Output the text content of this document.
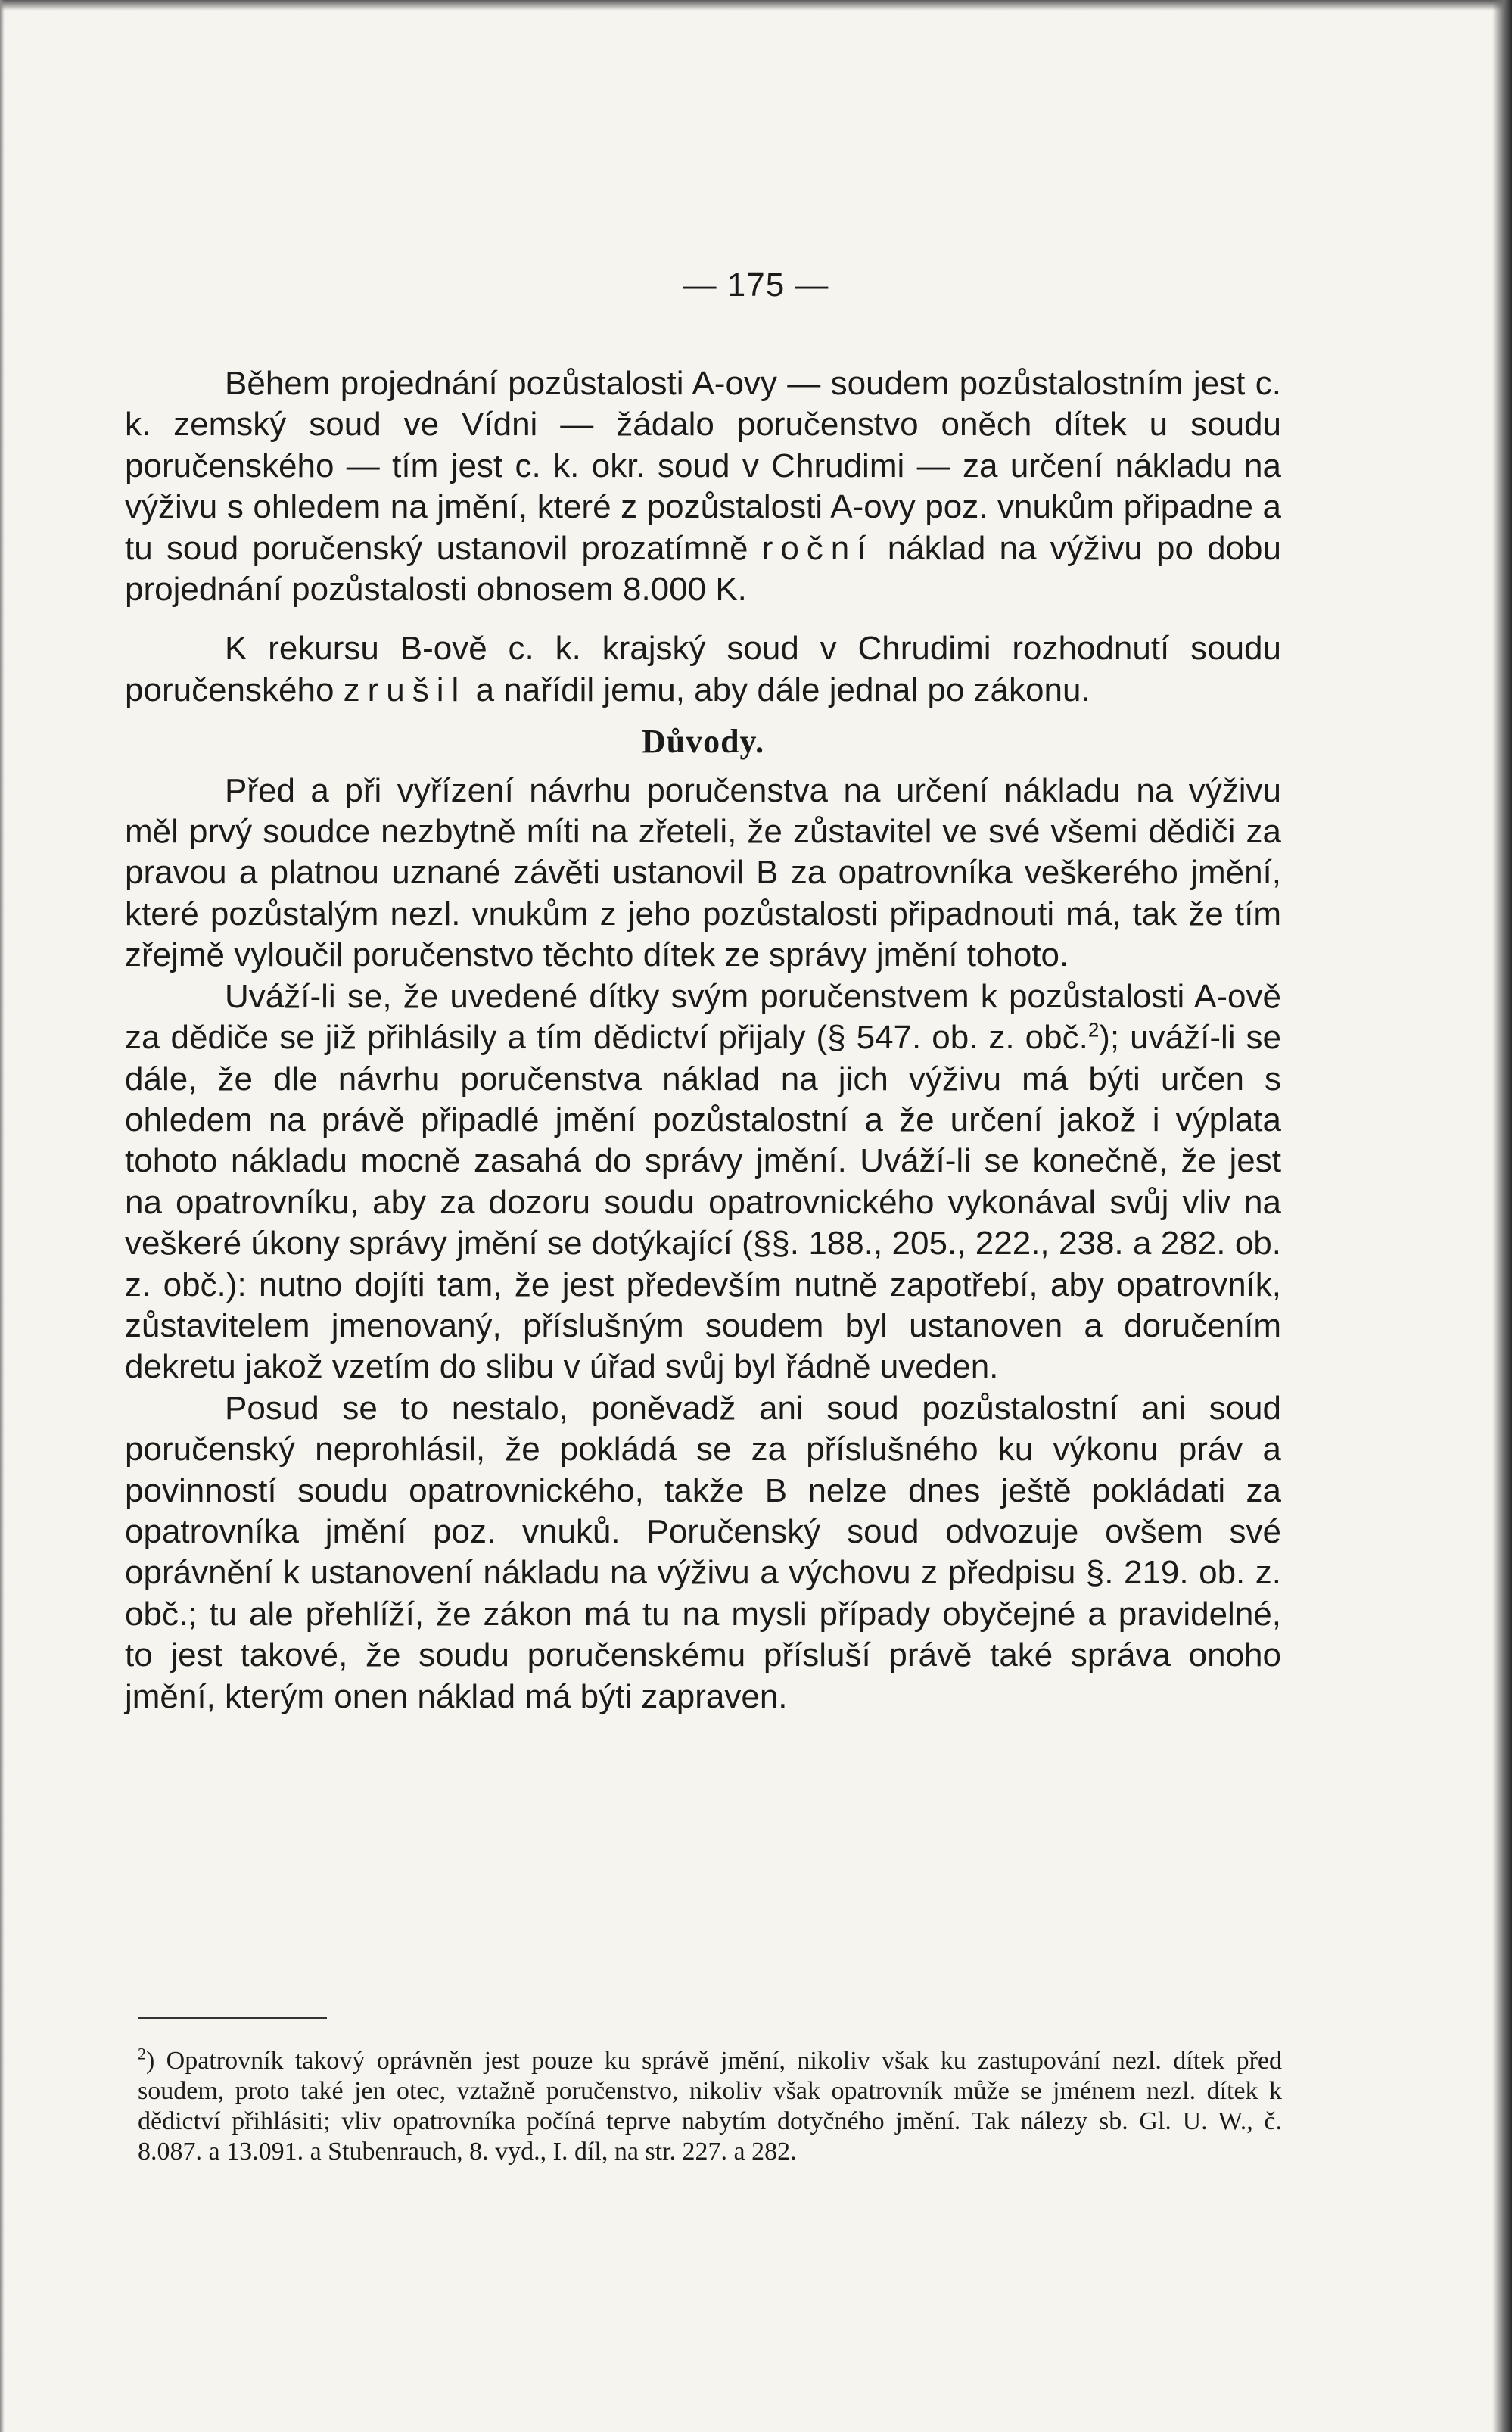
— 175 —

Během projednání pozůstalosti A-ovy — soudem pozůstalostním jest c. k. zemský soud ve Vídni — žádalo poručenstvo oněch dítek u soudu poručenského — tím jest c. k. okr. soud v Chrudimi — za určení nákladu na výživu s ohledem na jmění, které z pozůstalosti A-ovy poz. vnukům připadne a tu soud poručenský ustanovil prozatímně roční náklad na výživu po dobu projednání pozůstalosti obnosem 8.000 K.

K rekursu B-ově c. k. krajský soud v Chrudimi rozhodnutí soudu poručenského zrušil a nařídil jemu, aby dále jednal po zákonu.

Důvody.

Před a při vyřízení návrhu poručenstva na určení nákladu na výživu měl prvý soudce nezbytně míti na zřeteli, že zůstavitel ve své všemi dědiči za pravou a platnou uznané závěti ustanovil B za opatrovníka veškerého jmění, které pozůstalým nezl. vnukům z jeho pozůstalosti připadnouti má, tak že tím zřejmě vyloučil poručenstvo těchto dítek ze správy jmění tohoto.

Uváží-li se, že uvedené dítky svým poručenstvem k pozůstalosti A-ově za dědiče se již přihlásily a tím dědictví přijaly (§ 547. ob. z. obč.$^2$); uváží-li se dále, že dle návrhu poručenstva náklad na jich výživu má býti určen s ohledem na právě připadlé jmění pozůstalostní a že určení jakož i výplata tohoto nákladu mocně zasahá do správy jmění. Uváží-li se konečně, že jest na opatrovníku, aby za dozoru soudu opatrovnického vykonával svůj vliv na veškeré úkony správy jmění se dotýkající (§§. 188., 205., 222., 238. a 282. ob. z. obč.): nutno dojíti tam, že jest především nutně zapotřebí, aby opatrovník, zůstavitelem jmenovaný, příslušným soudem byl ustanoven a doručením dekretu jakož vzetím do slibu v úřad svůj byl řádně uveden.

Posud se to nestalo, poněvadž ani soud pozůstalostní ani soud poručenský neprohlásil, že pokládá se za příslušného ku výkonu práv a povinností soudu opatrovnického, takže B nelze dnes ještě pokládati za opatrovníka jmění poz. vnuků. Poručenský soud odvozuje ovšem své oprávnění k ustanovení nákladu na výživu a výchovu z předpisu §. 219. ob. z. obč.; tu ale přehlíží, že zákon má tu na mysli případy obyčejné a pravidelné, to jest takové, že soudu poručenskému přísluší právě také správa onoho jmění, kterým onen náklad má býti zapraven.

$^2$) Opatrovník takový oprávněn jest pouze ku správě jmění, nikoliv však ku zastupování nezl. dítek před soudem, proto také jen otec, vztažně poručenstvo, nikoliv však opatrovník může se jménem nezl. dítek k dědictví přihlásiti; vliv opatrovníka počíná teprve nabytím dotyčného jmění. Tak nálezy sb. Gl. U. W., č. 8.087. a 13.091. a Stubenrauch, 8. vyd., I. díl, na str. 227. a 282.
